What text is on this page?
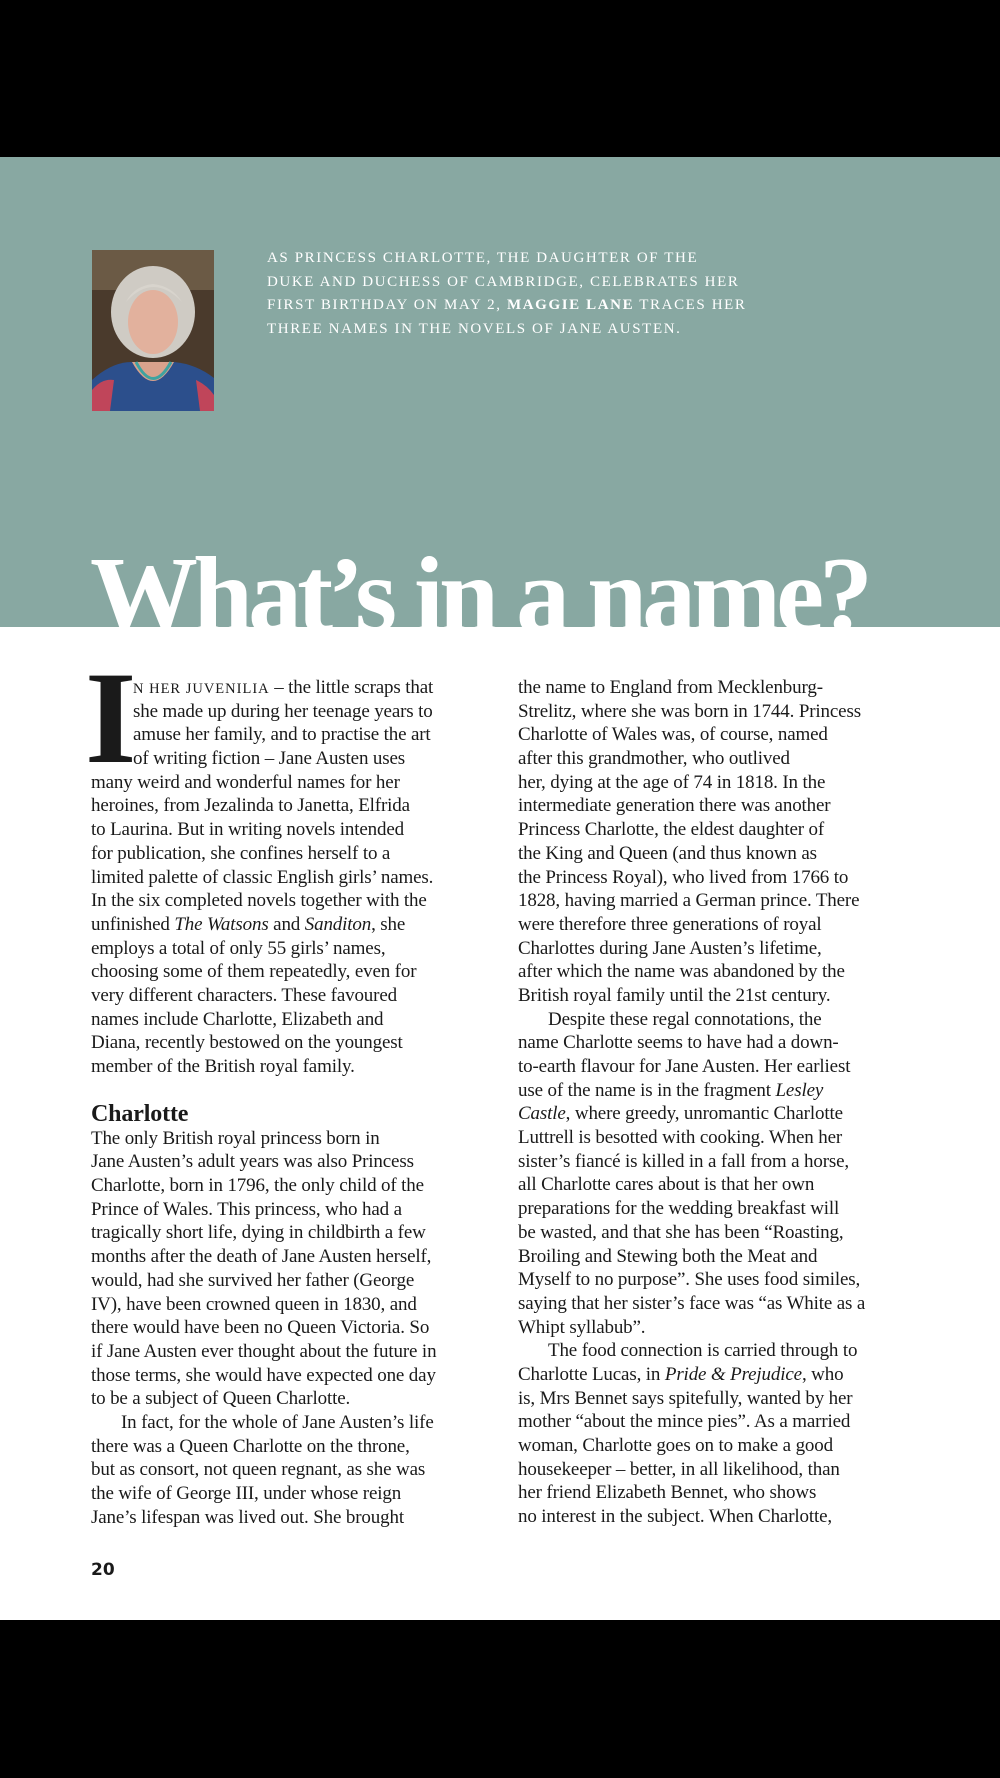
AS PRINCESS CHARLOTTE, THE DAUGHTER OF THE
DUKE AND DUCHESS OF CAMBRIDGE, CELEBRATES HER
FIRST BIRTHDAY ON MAY 2, MAGGIE LANE TRACES HER
THREE NAMES IN THE NOVELS OF JANE AUSTEN.
What’s in a name?
I
N HER JUVENILIA – the little scraps that
she made up during her teenage years to
amuse her family, and to practise the art
of writing fiction – Jane Austen uses
many weird and wonderful names for her
heroines, from Jezalinda to Janetta, Elfrida
to Laurina. But in writing novels intended
for publication, she confines herself to a
limited palette of classic English girls’ names.
In the six completed novels together with the
unfinished The Watsons and Sanditon, she
employs a total of only 55 girls’ names,
choosing some of them repeatedly, even for
very different characters. These favoured
names include Charlotte, Elizabeth and
Diana, recently bestowed on the youngest
member of the British royal family.
Charlotte
The only British royal princess born in
Jane Austen’s adult years was also Princess
Charlotte, born in 1796, the only child of the
Prince of Wales. This princess, who had a
tragically short life, dying in childbirth a few
months after the death of Jane Austen herself,
would, had she survived her father (George
IV), have been crowned queen in 1830, and
there would have been no Queen Victoria. So
if Jane Austen ever thought about the future in
those terms, she would have expected one day
to be a subject of Queen Charlotte.
In fact, for the whole of Jane Austen’s life
there was a Queen Charlotte on the throne,
but as consort, not queen regnant, as she was
the wife of George III, under whose reign
Jane’s lifespan was lived out. She brought
the name to England from Mecklenburg-
Strelitz, where she was born in 1744. Princess
Charlotte of Wales was, of course, named
after this grandmother, who outlived
her, dying at the age of 74 in 1818. In the
intermediate generation there was another
Princess Charlotte, the eldest daughter of
the King and Queen (and thus known as
the Princess Royal), who lived from 1766 to
1828, having married a German prince. There
were therefore three generations of royal
Charlottes during Jane Austen’s lifetime,
after which the name was abandoned by the
British royal family until the 21st century.
Despite these regal connotations, the
name Charlotte seems to have had a down-
to-earth flavour for Jane Austen. Her earliest
use of the name is in the fragment Lesley
Castle, where greedy, unromantic Charlotte
Luttrell is besotted with cooking. When her
sister’s fiancé is killed in a fall from a horse,
all Charlotte cares about is that her own
preparations for the wedding breakfast will
be wasted, and that she has been “Roasting,
Broiling and Stewing both the Meat and
Myself to no purpose”. She uses food similes,
saying that her sister’s face was “as White as a
Whipt syllabub”.
The food connection is carried through to
Charlotte Lucas, in Pride & Prejudice, who
is, Mrs Bennet says spitefully, wanted by her
mother “about the mince pies”. As a married
woman, Charlotte goes on to make a good
housekeeper – better, in all likelihood, than
her friend Elizabeth Bennet, who shows
no interest in the subject. When Charlotte,
20
